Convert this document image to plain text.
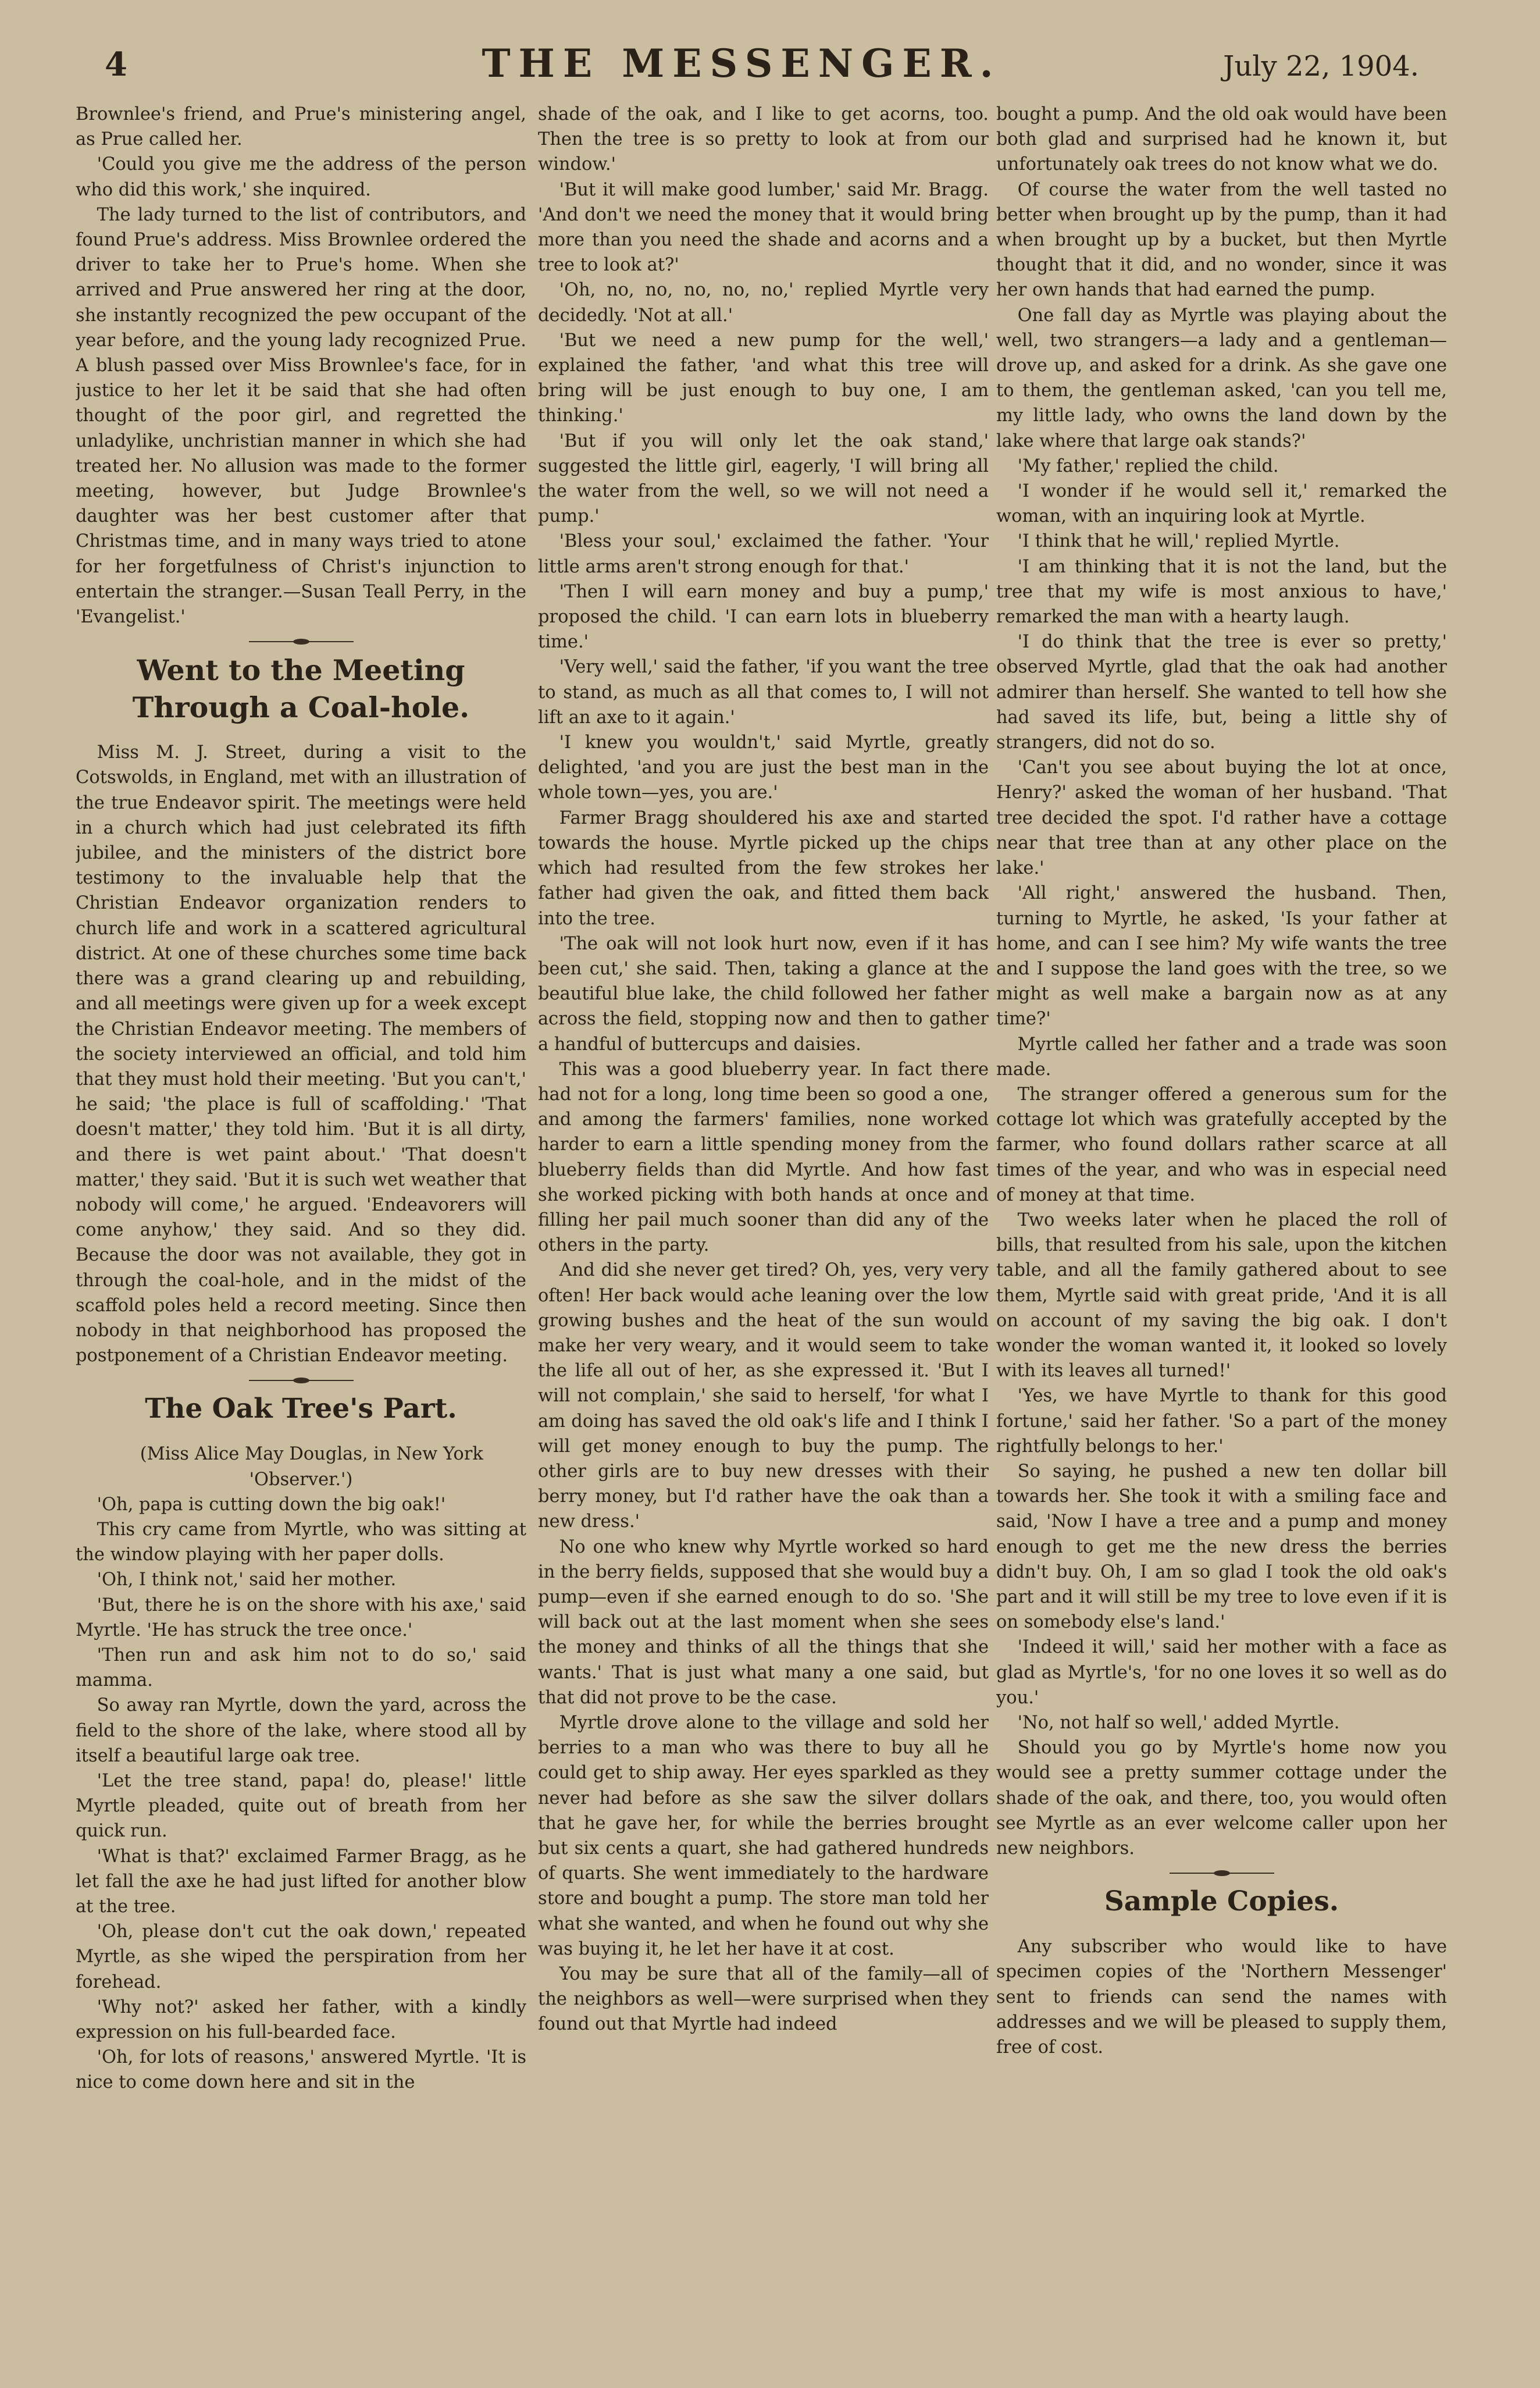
4	THE MESSENGER.	July 22, 1904.

Brownlee's friend, and Prue's ministering angel, as Prue called her.

'Could you give me the address of the person who did this work,' she inquired.

The lady turned to the list of contributors, and found Prue's address. Miss Brownlee ordered the driver to take her to Prue's home. When she arrived and Prue answered her ring at the door, she instantly recognized the pew occupant of the year before, and the young lady recognized Prue. A blush passed over Miss Brownlee's face, for in justice to her let it be said that she had often thought of the poor girl, and regretted the unladylike, unchristian manner in which she had treated her. No allusion was made to the former meeting, however, but Judge Brownlee's daughter was her best customer after that Christmas time, and in many ways tried to atone for her forgetfulness of Christ's injunction to entertain the stranger.—Susan Teall Perry, in the 'Evangelist.'

Went to the Meeting Through a Coal-hole.

Miss M. J. Street, during a visit to the Cotswolds, in England, met with an illustration of the true Endeavor spirit. The meetings were held in a church which had just celebrated its fifth jubilee, and the ministers of the district bore testimony to the invaluable help that the Christian Endeavor organization renders to church life and work in a scattered agricultural district. At one of these churches some time back there was a grand clearing up and rebuilding, and all meetings were given up for a week except the Christian Endeavor meeting. The members of the society interviewed an official, and told him that they must hold their meeting. 'But you can't,' he said; 'the place is full of scaffolding.' 'That doesn't matter,' they told him. 'But it is all dirty, and there is wet paint about.' 'That doesn't matter,' they said. 'But it is such wet weather that nobody will come,' he argued. 'Endeavorers will come anyhow,' they said. And so they did. Because the door was not available, they got in through the coal-hole, and in the midst of the scaffold poles held a record meeting. Since then nobody in that neighborhood has proposed the postponement of a Christian Endeavor meeting.

The Oak Tree's Part.

(Miss Alice May Douglas, in New York 'Observer.')

'Oh, papa is cutting down the big oak!'

This cry came from Myrtle, who was sitting at the window playing with her paper dolls.

'Oh, I think not,' said her mother.

'But, there he is on the shore with his axe,' said Myrtle. 'He has struck the tree once.'

'Then run and ask him not to do so,' said mamma.

So away ran Myrtle, down the yard, across the field to the shore of the lake, where stood all by itself a beautiful large oak tree.

'Let the tree stand, papa! do, please!' little Myrtle pleaded, quite out of breath from her quick run.

'What is that?' exclaimed Farmer Bragg, as he let fall the axe he had just lifted for another blow at the tree.

'Oh, please don't cut the oak down,' repeated Myrtle, as she wiped the perspiration from her forehead.

'Why not?' asked her father, with a kindly expression on his full-bearded face.

'Oh, for lots of reasons,' answered Myrtle. 'It is nice to come down here and sit in the

shade of the oak, and I like to get acorns, too. Then the tree is so pretty to look at from our window.'

'But it will make good lumber,' said Mr. Bragg. 'And don't we need the money that it would bring more than you need the shade and acorns and a tree to look at?'

'Oh, no, no, no, no, no,' replied Myrtle very decidedly. 'Not at all.'

'But we need a new pump for the well,' explained the father, 'and what this tree will bring will be just enough to buy one, I am thinking.'

'But if you will only let the oak stand,' suggested the little girl, eagerly, 'I will bring all the water from the well, so we will not need a pump.'

'Bless your soul,' exclaimed the father. 'Your little arms aren't strong enough for that.'

'Then I will earn money and buy a pump,' proposed the child. 'I can earn lots in blueberry time.'

'Very well,' said the father, 'if you want the tree to stand, as much as all that comes to, I will not lift an axe to it again.'

'I knew you wouldn't,' said Myrtle, greatly delighted, 'and you are just the best man in the whole town—yes, you are.'

Farmer Bragg shouldered his axe and started towards the house. Myrtle picked up the chips which had resulted from the few strokes her father had given the oak, and fitted them back into the tree.

'The oak will not look hurt now, even if it has been cut,' she said. Then, taking a glance at the beautiful blue lake, the child followed her father across the field, stopping now and then to gather a handful of buttercups and daisies.

This was a good blueberry year. In fact there had not for a long, long time been so good a one, and among the farmers' families, none worked harder to earn a little spending money from the blueberry fields than did Myrtle. And how fast she worked picking with both hands at once and filling her pail much sooner than did any of the others in the party.

And did she never get tired? Oh, yes, very very often! Her back would ache leaning over the low growing bushes and the heat of the sun would make her very weary, and it would seem to take the life all out of her, as she expressed it. 'But I will not complain,' she said to herself, 'for what I am doing has saved the old oak's life and I think I will get money enough to buy the pump. The other girls are to buy new dresses with their berry money, but I'd rather have the oak than a new dress.'

No one who knew why Myrtle worked so hard in the berry fields, supposed that she would buy a pump—even if she earned enough to do so. 'She will back out at the last moment when she sees the money and thinks of all the things that she wants.' That is just what many a one said, but that did not prove to be the case.

Myrtle drove alone to the village and sold her berries to a man who was there to buy all he could get to ship away. Her eyes sparkled as they never had before as she saw the silver dollars that he gave her, for while the berries brought but six cents a quart, she had gathered hundreds of quarts. She went immediately to the hardware store and bought a pump. The store man told her what she wanted, and when he found out why she was buying it, he let her have it at cost.

You may be sure that all of the family—all of the neighbors as well—were surprised when they found out that Myrtle had indeed

bought a pump. And the old oak would have been both glad and surprised had he known it, but unfortunately oak trees do not know what we do.

Of course the water from the well tasted no better when brought up by the pump, than it had when brought up by a bucket, but then Myrtle thought that it did, and no wonder, since it was her own hands that had earned the pump.

One fall day as Myrtle was playing about the well, two strangers—a lady and a gentleman—drove up, and asked for a drink. As she gave one to them, the gentleman asked, 'can you tell me, my little lady, who owns the land down by the lake where that large oak stands?'

'My father,' replied the child.

'I wonder if he would sell it,' remarked the woman, with an inquiring look at Myrtle.

'I think that he will,' replied Myrtle.

'I am thinking that it is not the land, but the tree that my wife is most anxious to have,' remarked the man with a hearty laugh.

'I do think that the tree is ever so pretty,' observed Myrtle, glad that the oak had another admirer than herself. She wanted to tell how she had saved its life, but, being a little shy of strangers, did not do so.

'Can't you see about buying the lot at once, Henry?' asked the woman of her husband. 'That tree decided the spot. I'd rather have a cottage near that tree than at any other place on the lake.'

'All right,' answered the husband. Then, turning to Myrtle, he asked, 'Is your father at home, and can I see him? My wife wants the tree and I suppose the land goes with the tree, so we might as well make a bargain now as at any time?'

Myrtle called her father and a trade was soon made.

The stranger offered a generous sum for the cottage lot which was gratefully accepted by the farmer, who found dollars rather scarce at all times of the year, and who was in especial need of money at that time.

Two weeks later when he placed the roll of bills, that resulted from his sale, upon the kitchen table, and all the family gathered about to see them, Myrtle said with great pride, 'And it is all on account of my saving the big oak. I don't wonder the woman wanted it, it looked so lovely with its leaves all turned!'

'Yes, we have Myrtle to thank for this good fortune,' said her father. 'So a part of the money rightfully belongs to her.'

So saying, he pushed a new ten dollar bill towards her. She took it with a smiling face and said, 'Now I have a tree and a pump and money enough to get me the new dress the berries didn't buy. Oh, I am so glad I took the old oak's part and it will still be my tree to love even if it is on somebody else's land.'

'Indeed it will,' said her mother with a face as glad as Myrtle's, 'for no one loves it so well as do you.'

'No, not half so well,' added Myrtle.

Should you go by Myrtle's home now you would see a pretty summer cottage under the shade of the oak, and there, too, you would often see Myrtle as an ever welcome caller upon her new neighbors.

Sample Copies.

Any subscriber who would like to have specimen copies of the 'Northern Messenger' sent to friends can send the names with addresses and we will be pleased to supply them, free of cost.
